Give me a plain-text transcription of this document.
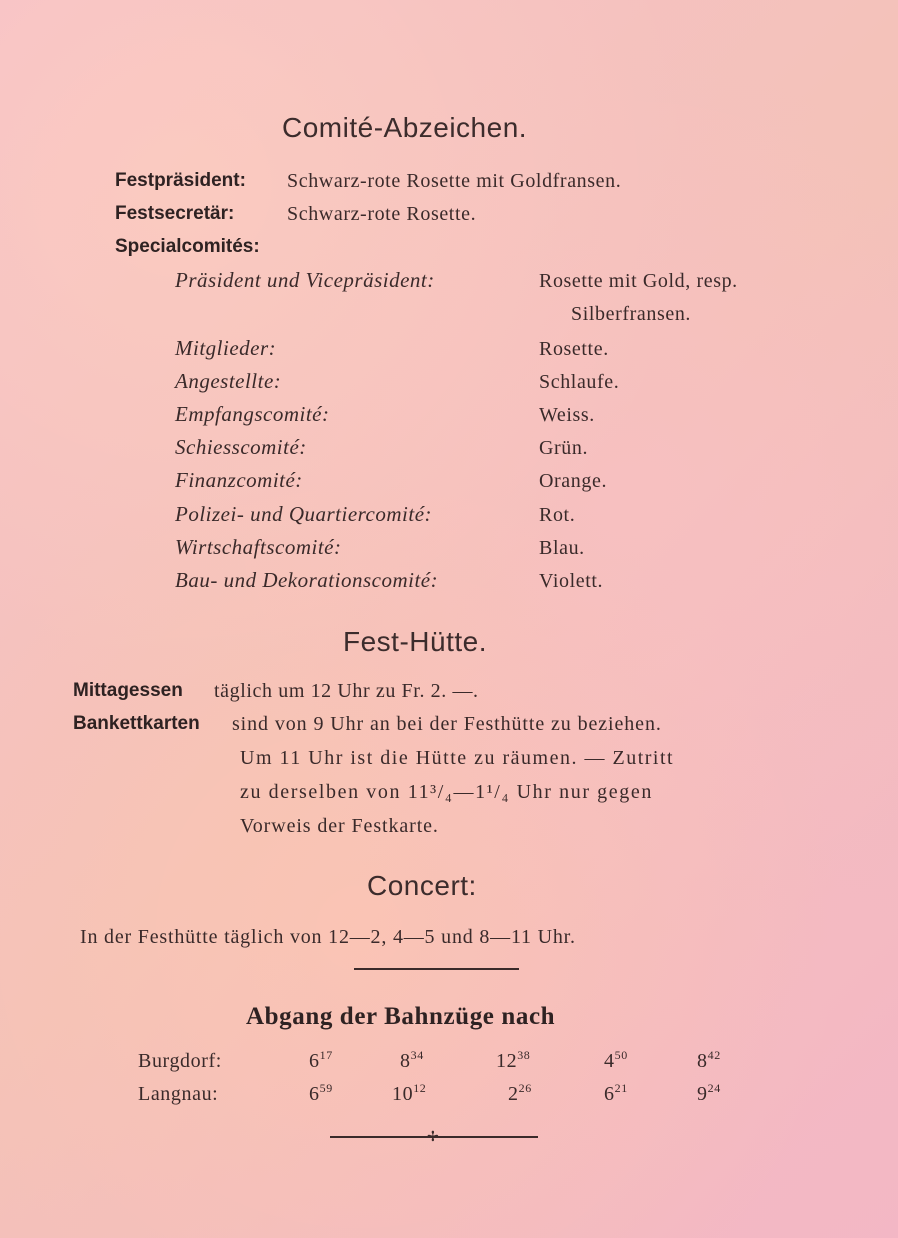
Comité-Abzeichen.
Festpräsident: Schwarz-rote Rosette mit Goldfransen.
Festsecretär:	Schwarz-rote Rosette.
Specialcomités:
Präsident und Vicepräsident:	Rosette mit Gold, resp.
Silberfransen.
Mitglieder:	Rosette.
Angestellte:	Schlaufe.
Empfangscomité:	Weiss.
Schiesscomité:	Grün.
Finanzcomité:	Orange.
Polizei- und Quartiercomité:	Rot.
Wirtschaftscomité:	Blau.
Bau- und Dekorationscomité:	Violett.
Fest-Hütte.
Mittagessen täglich um 12 Uhr zu Fr. 2. —.
Bankettkarten sind von 9 Uhr an bei der Festhütte zu beziehen.
Um 11 Uhr ist die Hütte zu räumen. — Zutritt
zu derselben von 11³/₄—1¹/₄ Uhr nur gegen
Vorweis der Festkarte.
Concert:
In der Festhütte täglich von 12—2, 4—5 und 8—11 Uhr.
Abgang der Bahnzüge nach
Burgdorf:	$6^{17}$	$8^{34}$	$12^{38}$	$4^{50}$	$8^{42}$
Langnau:	$6^{59}$	$10^{12}$	$2^{26}$	$6^{21}$	$9^{24}$
✢
